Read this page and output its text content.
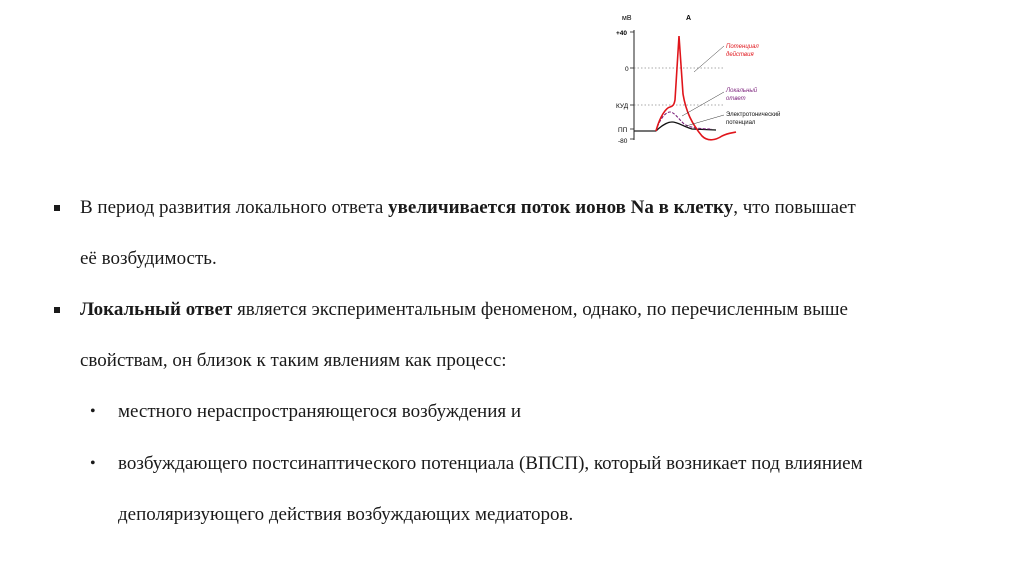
мВ	А
+40
0
КУД
ПП
-80
Потенциал
действия
Локальный
ответ
Электротонический
потенциал
В период развития локального ответа увеличивается поток ионов Na в клетку, что повышает
её возбудимость.
Локальный ответ является экспериментальным феноменом, однако, по перечисленным выше
свойствам, он близок к таким явлениям как процесс:
• местного нераспространяющегося возбуждения и
• возбуждающего постсинаптического потенциала (ВПСП), который возникает под влиянием
деполяризующего действия возбуждающих медиаторов.
